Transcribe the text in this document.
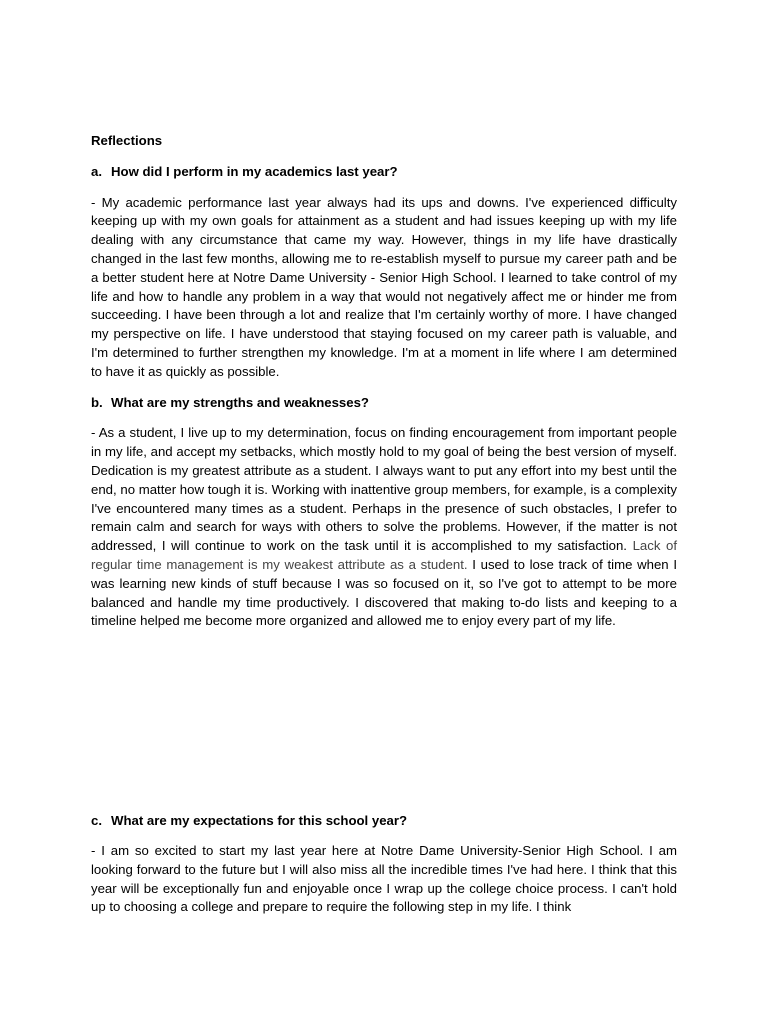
Reflections

a. How did I perform in my academics last year?

- My academic performance last year always had its ups and downs. I've experienced difficulty keeping up with my own goals for attainment as a student and had issues keeping up with my life dealing with any circumstance that came my way. However, things in my life have drastically changed in the last few months, allowing me to re-establish myself to pursue my career path and be a better student here at Notre Dame University - Senior High School. I learned to take control of my life and how to handle any problem in a way that would not negatively affect me or hinder me from succeeding. I have been through a lot and realize that I'm certainly worthy of more. I have changed my perspective on life. I have understood that staying focused on my career path is valuable, and I'm determined to further strengthen my knowledge. I'm at a moment in life where I am determined to have it as quickly as possible.

b. What are my strengths and weaknesses?

- As a student, I live up to my determination, focus on finding encouragement from important people in my life, and accept my setbacks, which mostly hold to my goal of being the best version of myself. Dedication is my greatest attribute as a student. I always want to put any effort into my best until the end, no matter how tough it is. Working with inattentive group members, for example, is a complexity I've encountered many times as a student. Perhaps in the presence of such obstacles, I prefer to remain calm and search for ways with others to solve the problems. However, if the matter is not addressed, I will continue to work on the task until it is accomplished to my satisfaction. Lack of regular time management is my weakest attribute as a student. I used to lose track of time when I was learning new kinds of stuff because I was so focused on it, so I've got to attempt to be more balanced and handle my time productively. I discovered that making to-do lists and keeping to a timeline helped me become more organized and allowed me to enjoy every part of my life.

c. What are my expectations for this school year?

- I am so excited to start my last year here at Notre Dame University-Senior High School. I am looking forward to the future but I will also miss all the incredible times I've had here. I think that this year will be exceptionally fun and enjoyable once I wrap up the college choice process. I can't hold up to choosing a college and prepare to require the following step in my life. I think
